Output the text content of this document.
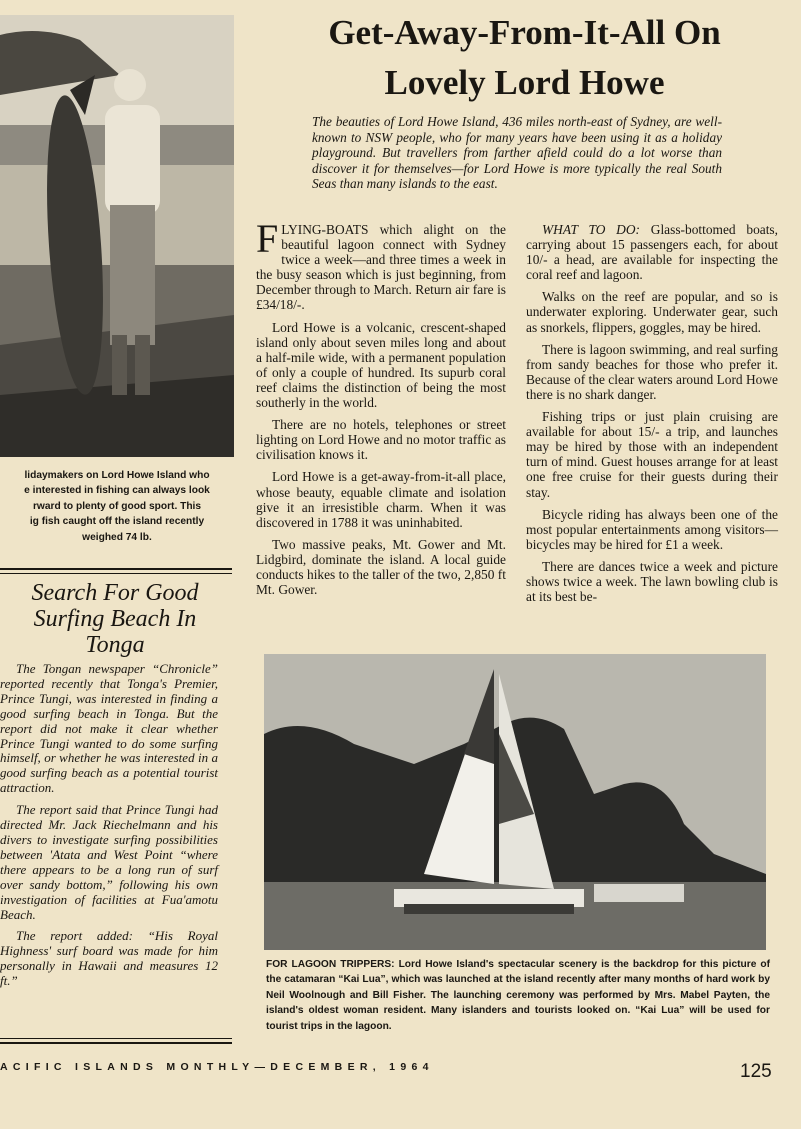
lidaymakers on Lord Howe Island who
e interested in fishing can always look
rward to plenty of good sport. This
ig fish caught off the island recently
weighed 74 lb.
Get-Away-From-It-All On
Lovely Lord Howe
The beauties of Lord Howe Island, 436 miles north-east of Sydney, are well-known to NSW people, who for many years have been using it as a holiday playground. But travellers from farther afield could do a lot worse than discover it for themselves—for Lord Howe is more typically the real South Seas than many islands to the east.

FLYING-BOATS which alight on the beautiful lagoon connect with Sydney twice a week—and three times a week in the busy season which is just beginning, from December through to March. Return air fare is £34/18/-.

Lord Howe is a volcanic, crescent-shaped island only about seven miles long and about a half-mile wide, with a permanent population of only a couple of hundred. Its supurb coral reef claims the distinction of being the most southerly in the world.

There are no hotels, telephones or street lighting on Lord Howe and no motor traffic as civilisation knows it.

Lord Howe is a get-away-from-it-all place, whose beauty, equable climate and isolation give it an irresistible charm. When it was discovered in 1788 it was uninhabited.

Two massive peaks, Mt. Gower and Mt. Lidgbird, dominate the island. A local guide conducts hikes to the taller of the two, 2,850 ft Mt. Gower.

WHAT TO DO: Glass-bottomed boats, carrying about 15 passengers each, for about 10/- a head, are available for inspecting the coral reef and lagoon.

Walks on the reef are popular, and so is underwater exploring. Underwater gear, such as snorkels, flippers, goggles, may be hired.

There is lagoon swimming, and real surfing from sandy beaches for those who prefer it. Because of the clear waters around Lord Howe there is no shark danger.

Fishing trips or just plain cruising are available for about 15/- a trip, and launches may be hired by those with an independent turn of mind. Guest houses arrange for at least one free cruise for their guests during their stay.

Bicycle riding has always been one of the most popular entertainments among visitors—bicycles may be hired for £1 a week.

There are dances twice a week and picture shows twice a week. The lawn bowling club is at its best be-

Search For Good Surfing Beach In Tonga

The Tongan newspaper “Chronicle” reported recently that Tonga's Premier, Prince Tungi, was interested in finding a good surfing beach in Tonga. But the report did not make it clear whether Prince Tungi wanted to do some surfing himself, or whether he was interested in a good surfing beach as a potential tourist attraction.

The report said that Prince Tungi had directed Mr. Jack Riechelmann and his divers to investigate surfing possibilities between 'Atata and West Point “where there appears to be a long run of surf over sandy bottom,” following his own investigation of facilities at Fua'amotu Beach.

The report added: “His Royal Highness' surf board was made for him personally in Hawaii and measures 12 ft.”

FOR LAGOON TRIPPERS: Lord Howe Island's spectacular scenery is the backdrop for this picture of the catamaran “Kai Lua”, which was launched at the island recently after many months of hard work by Neil Woolnough and Bill Fisher. The launching ceremony was performed by Mrs. Mabel Payten, the island's oldest woman resident. Many islanders and tourists looked on. “Kai Lua” will be used for tourist trips in the lagoon.
ACIFIC ISLANDS MONTHLY—DECEMBER, 1964	125
